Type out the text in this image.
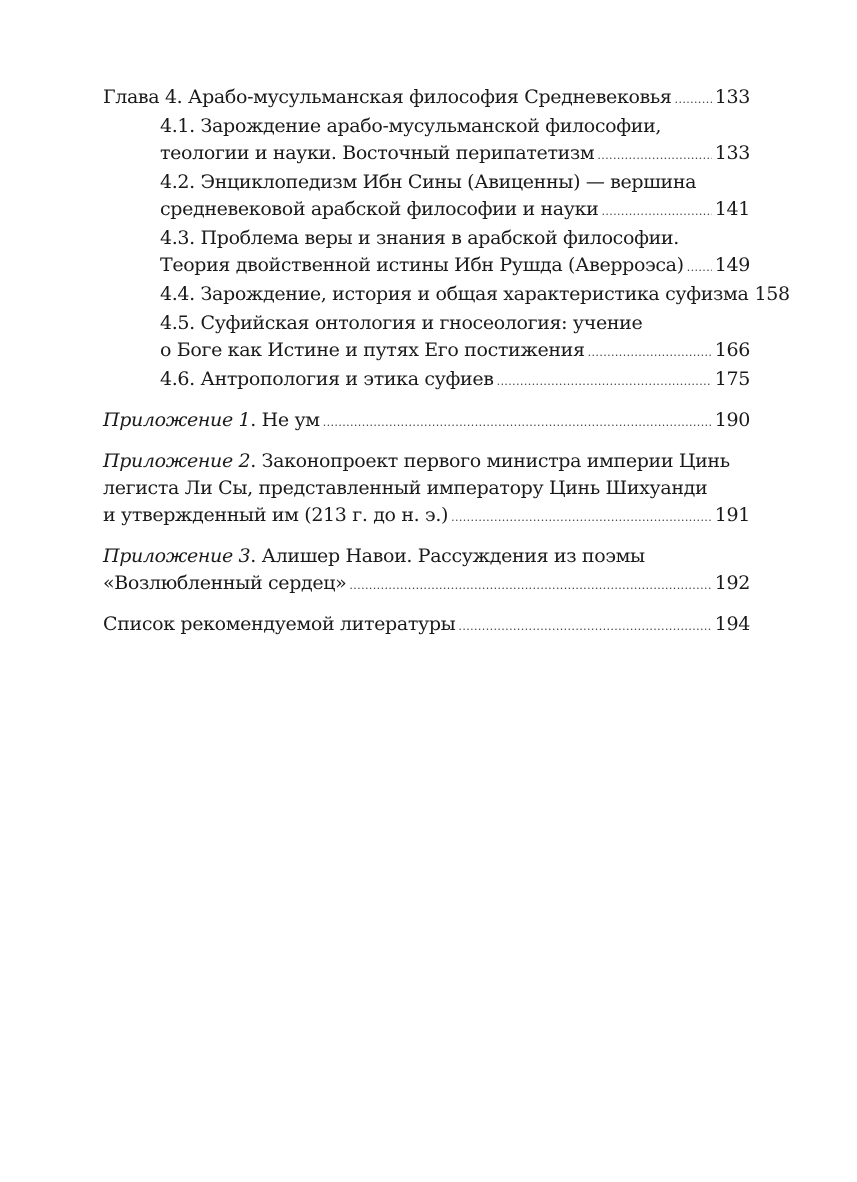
Глава 4. Арабо-мусульманская философия Средневековья ..... 133
4.1. Зарождение арабо-мусульманской философии,
теологии и науки. Восточный перипатетизм .....	133
4.2. Энциклопедизм Ибн Сины (Авиценны) — вершина
средневековой арабской философии и науки .....	141
4.3. Проблема веры и знания в арабской философии.
Теория двойственной истины Ибн Рушда (Аверроэса) ..... 149
4.4. Зарождение, история и общая характеристика суфизма 158
4.5. Суфийская онтология и гносеология: учение
о Боге как Истине и путях Его постижения .....	166
4.6. Антропология и этика суфиев .....	175
Приложение 1. Не ум .....	190
Приложение 2. Законопроект первого министра империи Цинь
легиста Ли Сы, представленный императору Цинь Шихуанди
и утвержденный им (213 г. до н. э.) .....	191
Приложение 3. Алишер Навои. Рассуждения из поэмы
«Возлюбленный сердец» .....	192
Список рекомендуемой литературы .....	194
